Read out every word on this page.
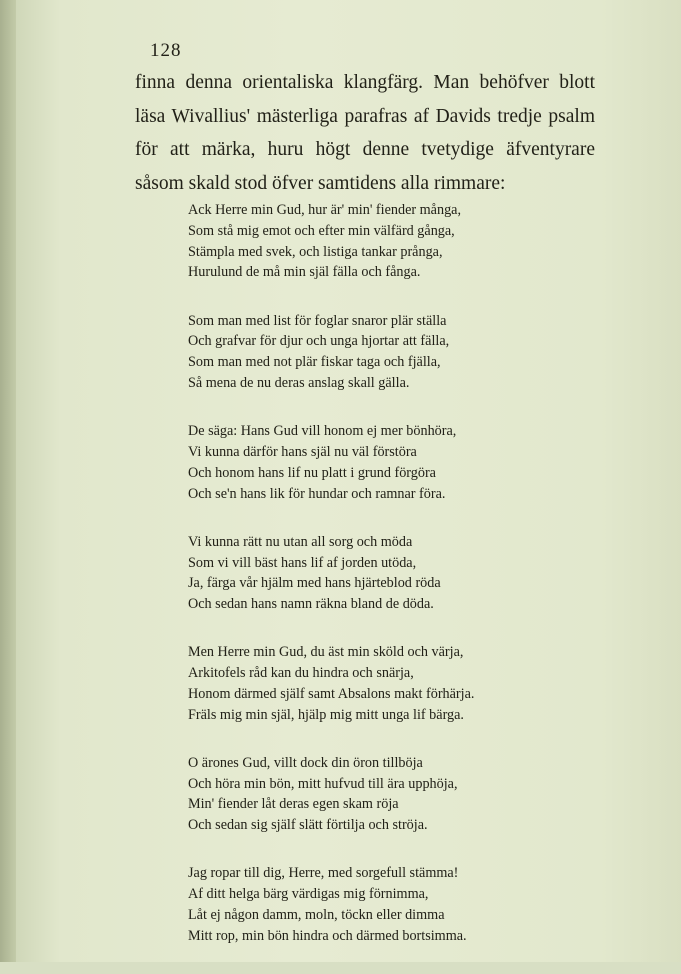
128
finna denna orientaliska klangfärg. Man behöfver blott
läsa Wivallius' mästerliga parafras af Davids tredje psalm
för att märka, huru högt denne tvetydige äfventyrare
såsom skald stod öfver samtidens alla rimmare:
Ack Herre min Gud, hur är' min' fiender många,
Som stå mig emot och efter min välfärd gånga,
Stämpla med svek, och listiga tankar prånga,
Hurulund de må min själ fälla och fånga.
Som man med list för foglar snaror plär ställa
Och grafvar för djur och unga hjortar att fälla,
Som man med not plär fiskar taga och fjälla,
Så mena de nu deras anslag skall gälla.
De säga: Hans Gud vill honom ej mer bönhöra,
Vi kunna därför hans själ nu väl förstöra
Och honom hans lif nu platt i grund förgöra
Och se'n hans lik för hundar och ramnar föra.
Vi kunna rätt nu utan all sorg och möda
Som vi vill bäst hans lif af jorden utöda,
Ja, färga vår hjälm med hans hjärteblod röda
Och sedan hans namn räkna bland de döda.
Men Herre min Gud, du äst min sköld och värja,
Arkitofels råd kan du hindra och snärja,
Honom därmed själf samt Absalons makt förhärja.
Fräls mig min själ, hjälp mig mitt unga lif bärga.
O ärones Gud, villt dock din öron tillböja
Och höra min bön, mitt hufvud till ära upphöja,
Min' fiender låt deras egen skam röja
Och sedan sig själf slätt förtilja och ströja.
Jag ropar till dig, Herre, med sorgefull stämma!
Af ditt helga bärg värdigas mig förnimma,
Låt ej någon damm, moln, töckn eller dimma
Mitt rop, min bön hindra och därmed bortsimma.
